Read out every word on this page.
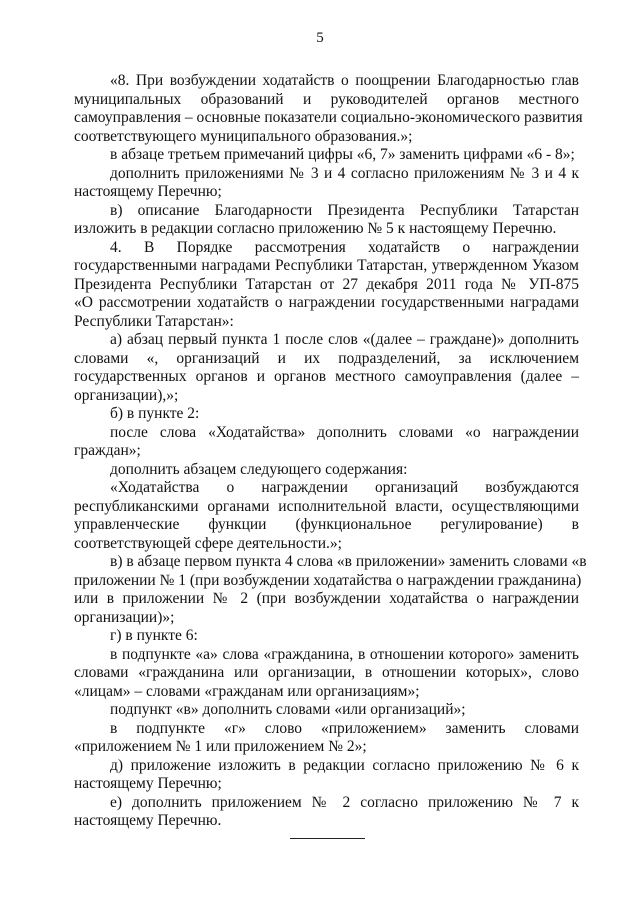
5
«8. При возбуждении ходатайств о поощрении Благодарностью глав
муниципальных образований и руководителей органов местного
самоуправления – основные показатели социально-экономического развития
соответствующего муниципального образования.»;
в абзаце третьем примечаний цифры «6, 7» заменить цифрами «6 - 8»;
дополнить приложениями № 3 и 4 согласно приложениям № 3 и 4 к
настоящему Перечню;
в) описание Благодарности Президента Республики Татарстан
изложить в редакции согласно приложению № 5 к настоящему Перечню.
4. В Порядке рассмотрения ходатайств о награждении
государственными наградами Республики Татарстан, утвержденном Указом
Президента Республики Татарстан от 27 декабря 2011 года № УП-875
«О рассмотрении ходатайств о награждении государственными наградами
Республики Татарстан»:
а) абзац первый пункта 1 после слов «(далее – граждане)» дополнить
словами «, организаций и их подразделений, за исключением
государственных органов и органов местного самоуправления (далее –
организации),»;
б) в пункте 2:
после слова «Ходатайства» дополнить словами «о награждении
граждан»;
дополнить абзацем следующего содержания:
«Ходатайства о награждении организаций возбуждаются
республиканскими органами исполнительной власти, осуществляющими
управленческие функции (функциональное регулирование) в
соответствующей сфере деятельности.»;
в) в абзаце первом пункта 4 слова «в приложении» заменить словами «в
приложении № 1 (при возбуждении ходатайства о награждении гражданина)
или в приложении № 2 (при возбуждении ходатайства о награждении
организации)»;
г) в пункте 6:
в подпункте «а» слова «гражданина, в отношении которого» заменить
словами «гражданина или организации, в отношении которых», слово
«лицам» – словами «гражданам или организациям»;
подпункт «в» дополнить словами «или организаций»;
в подпункте «г» слово «приложением» заменить словами
«приложением № 1 или приложением № 2»;
д) приложение изложить в редакции согласно приложению № 6 к
настоящему Перечню;
е) дополнить приложением № 2 согласно приложению № 7 к
настоящему Перечню.
